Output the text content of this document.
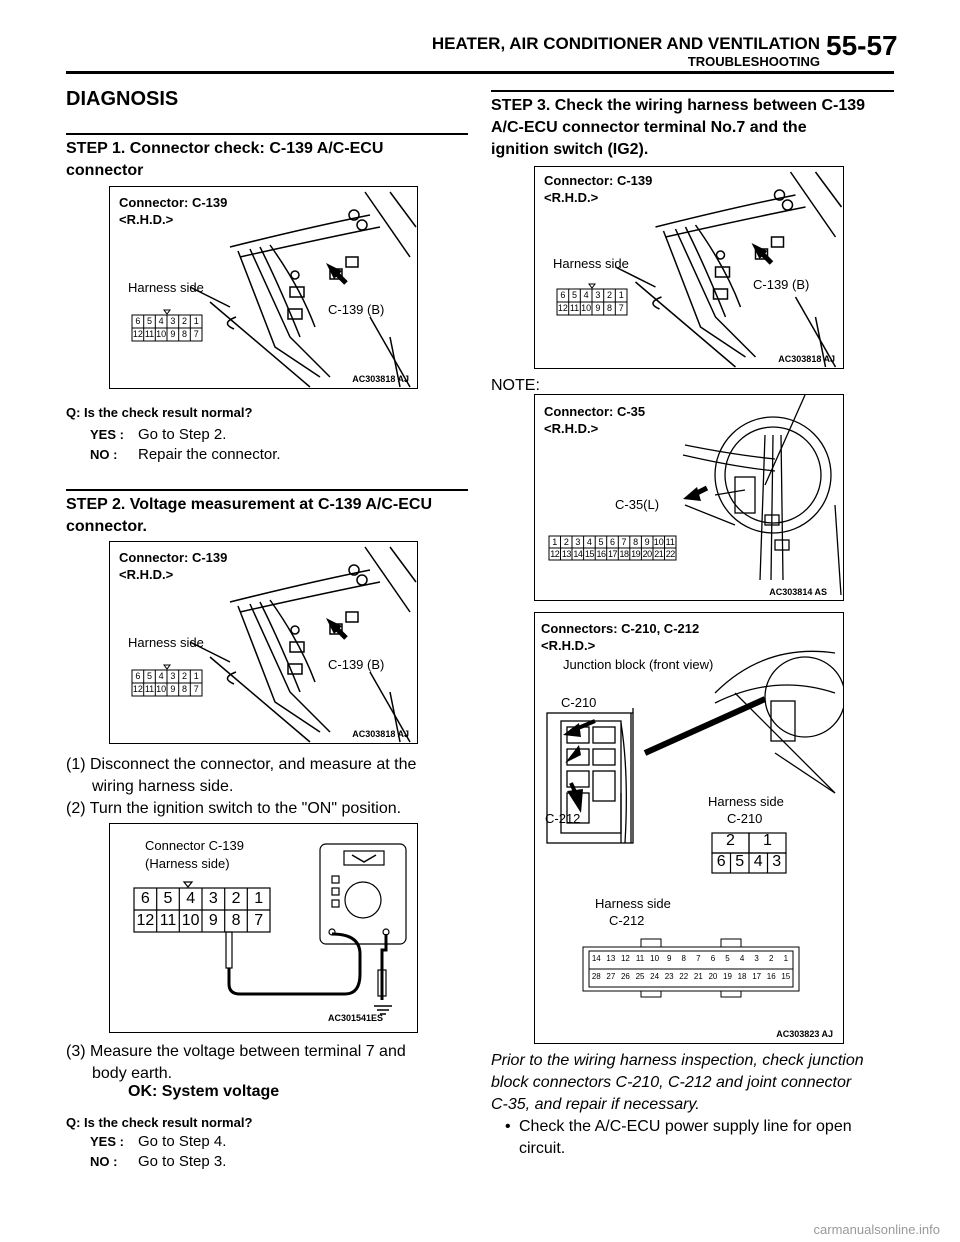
HEATER, AIR CONDITIONER AND VENTILATION
TROUBLESHOOTING
55-57
DIAGNOSIS
STEP 1. Connector check: C-139 A/C-ECU
connector
Connector: C-139
<R.H.D.>
Harness side
C-139 (B)
6 5 4 3 2 1
12 11 10 9 8 7
AC303818 AJ
Q: Is the check result normal?
YES : Go to Step 2.
NO : Repair the connector.
STEP 2. Voltage measurement at C-139 A/C-ECU
connector.
Connector: C-139
<R.H.D.>
Harness side
C-139 (B)
6 5 4 3 2 1
12 11 10 9 8 7
AC303818 AJ
(1) Disconnect the connector, and measure at the
wiring harness side.
(2) Turn the ignition switch to the "ON" position.
Connector C-139
(Harness side)
6 5 4 3 2 1
12 11 10 9 8 7
AC301541ES
(3) Measure the voltage between terminal 7 and
body earth.
OK: System voltage
Q: Is the check result normal?
YES : Go to Step 4.
NO : Go to Step 3.
STEP 3. Check the wiring harness between C-139
A/C-ECU connector terminal No.7 and the
ignition switch (IG2).
Connector: C-139
<R.H.D.>
Harness side
C-139 (B)
6 5 4 3 2 1
12 11 10 9 8 7
AC303818 AJ
NOTE:
Connector: C-35
<R.H.D.>
C-35(L)
1 2 3 4 5 6 7 8 9 10 11
12 13 14 15 16 17 18 19 20 21 22
AC303814 AS
Connectors: C-210, C-212
<R.H.D.>
Junction block (front view)
C-210
C-212
Harness side
C-210
2	1
6 5 4 3
Harness side
C-212
14 13 12 11 10 9	8	7	6	5	4	3	2	1
28 27 26 25 24 23 22 21 20 19 18 17 16 15
AC303823 AJ
Prior to the wiring harness inspection, check junction
block connectors C-210, C-212 and joint connector
C-35, and repair if necessary.
• Check the A/C-ECU power supply line for open
circuit.
carmanualsonline.info
